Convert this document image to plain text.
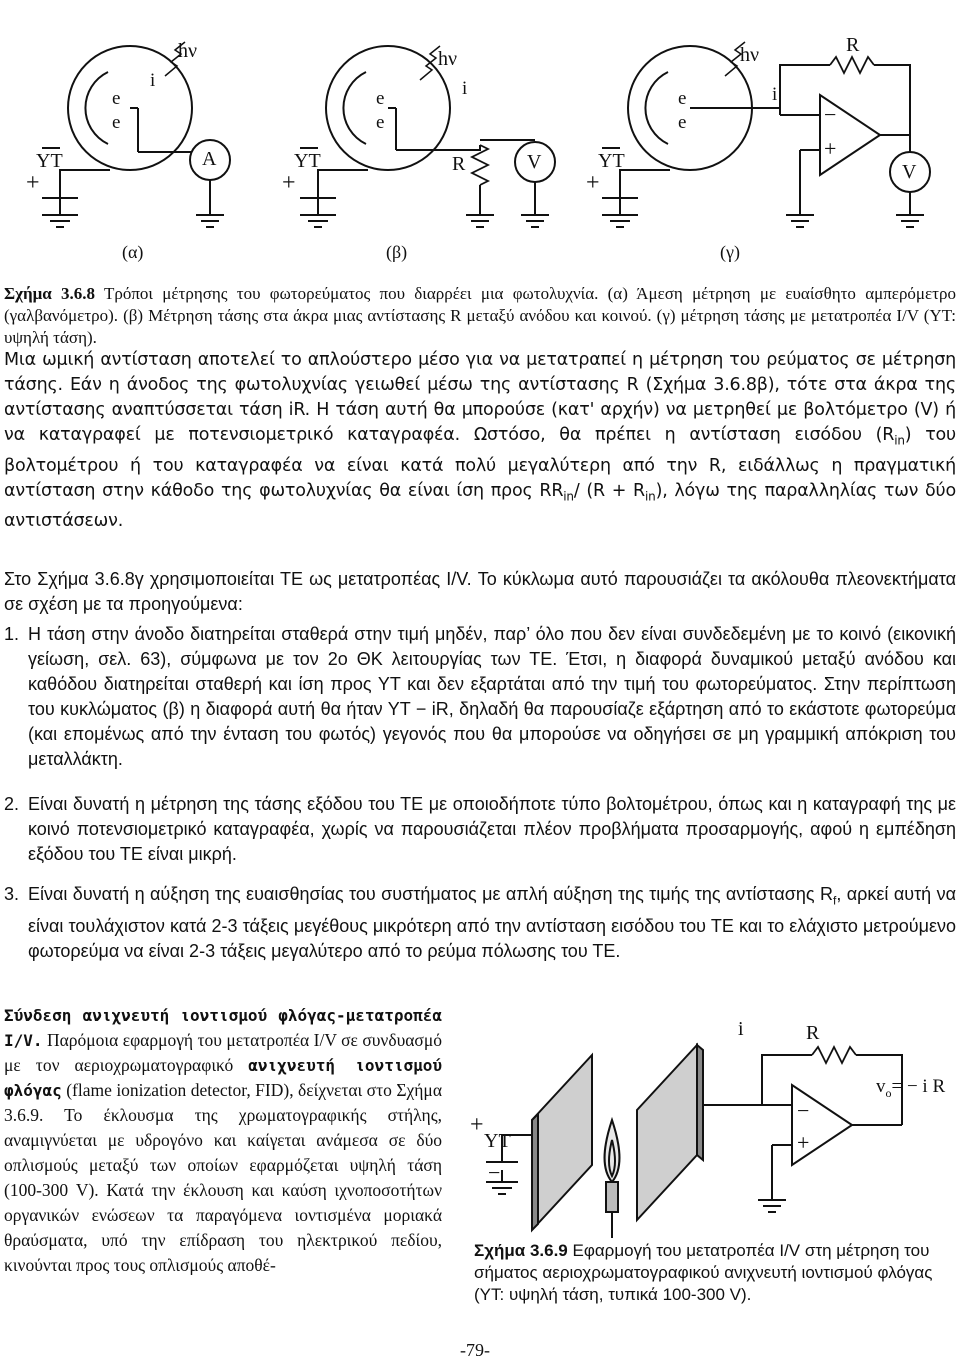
hν
i
e
e
YT
+
A
(α)
hν
i
e
e
YT
+
R	V
(β)
hν
i
e
e
YT
+
R
−
+
V
(γ)
Σχήμα 3.6.8 Τρόποι μέτρησης του φωτορεύματος που διαρρέει μια φωτολυχνία. (α) Άμεση μέτρηση με ευαίσθητο αμπερόμετρο (γαλβανόμετρο). (β) Μέτρηση τάσης στα άκρα μιας αντίστασης R μεταξύ ανόδου και κοινού. (γ) μέτρηση τάσης με μετατροπέα I/V (ΥΤ: υψηλή τάση).
Μια ωμική αντίσταση αποτελεί το απλούστερο μέσο για να μετατραπεί η μέτρηση του ρεύματος σε μέτρηση τάσης. Εάν η άνοδος της φωτολυχνίας γειωθεί μέσω της αντίστασης R (Σχήμα 3.6.8β), τότε στα άκρα της αντίστασης αναπτύσσεται τάση iR. Η τάση αυτή θα μπορούσε (κατ' αρχήν) να μετρηθεί με βολτόμετρο (V) ή να καταγραφεί με ποτενσιομετρικό καταγραφέα. Ωστόσο, θα πρέπει η αντίσταση εισόδου $(R_{in})$ του βολτομέτρου ή του καταγραφέα να είναι κατά πολύ μεγαλύτερη από την R, ειδάλλως η πραγματική αντίσταση στην κάθοδο της φωτολυχνίας θα είναι ίση προς $RR_{in}/$ $(R + R_{in})$, λόγω της παραλληλίας των δύο αντιστάσεων.
Στο Σχήμα 3.6.8γ χρησιμοποιείται ΤΕ ως μετατροπέας I/V. Το κύκλωμα αυτό παρουσιάζει τα ακόλουθα πλεονεκτήματα σε σχέση με τα προηγούμενα:
1. Η τάση στην άνοδο διατηρείται σταθερά στην τιμή μηδέν, παρ’ όλο που δεν είναι συνδεδεμένη με το κοινό (εικονική γείωση, σελ. 63), σύμφωνα με τον 2ο ΘΚ λειτουργίας των ΤΕ. Έτσι, η διαφορά δυναμικού μεταξύ ανόδου και καθόδου διατηρείται σταθερή και ίση προς ΥΤ και δεν εξαρτάται από την τιμή του φωτορεύματος. Στην περίπτωση του κυκλώματος (β) η διαφορά αυτή θα ήταν ΥΤ − iR, δηλαδή θα παρουσίαζε εξάρτηση από το εκάστοτε φωτορεύμα (και επομένως από την ένταση του φωτός) γεγονός που θα μπορούσε να οδηγήσει σε μη γραμμική απόκριση του μεταλλάκτη.
2. Είναι δυνατή η μέτρηση της τάσης εξόδου του ΤΕ με οποιοδήποτε τύπο βολτομέτρου, όπως και η καταγραφή της με κοινό ποτενσιομετρικό καταγραφέα, χωρίς να παρουσιάζεται πλέον προβλήματα προσαρμογής, αφού η εμπέδηση εξόδου του ΤΕ είναι μικρή.
3. Είναι δυνατή η αύξηση της ευαισθησίας του συστήματος με απλή αύξηση της τιμής της αντίστασης $R_f$, αρκεί αυτή να είναι τουλάχιστον κατά 2-3 τάξεις μεγέθους μικρότερη από την αντίσταση εισόδου του ΤΕ και το ελάχιστο μετρούμενο φωτορεύμα να είναι 2-3 τάξεις μεγαλύτερο από το ρεύμα πόλωσης του ΤΕ.
Σύνδεση ανιχνευτή ιοντισμού φλόγας-μετατροπέα I/V. Παρόμοια εφαρμογή του μετατροπέα I/V σε συνδυασμό με τον αεριοχρωματογραφικό ανιχνευτή ιοντισμού φλόγας (flame ionization detector, FID), δείχνεται στο Σχήμα 3.6.9. Το έκλουσμα της χρωματογραφικής στήλης, αναμιγνύεται με υδρογόνο και καίγεται ανάμεσα σε δύο οπλισμούς μεταξύ των οποίων εφαρμόζεται υψηλή τάση (100-300 V). Κατά την έκλουση και καύση ιχνοποσοτήτων οργανικών ενώσεων τα παραγόμενα ιοντισμένα μοριακά θραύσματα, υπό την επίδραση του ηλεκτρικού πεδίου, κινούνται προς τους οπλισμούς αποθέ-
i	R
$v_o= - i$ R
−
+
+
YT
−
Σχήμα 3.6.9 Εφαρμογή του μετατροπέα I/V στη μέτρηση του σήματος αεριοχρωματογραφικού ανιχνευτή ιοντισμού φλόγας (ΥΤ: υψηλή τάση, τυπικά 100-300 V).
-79-
